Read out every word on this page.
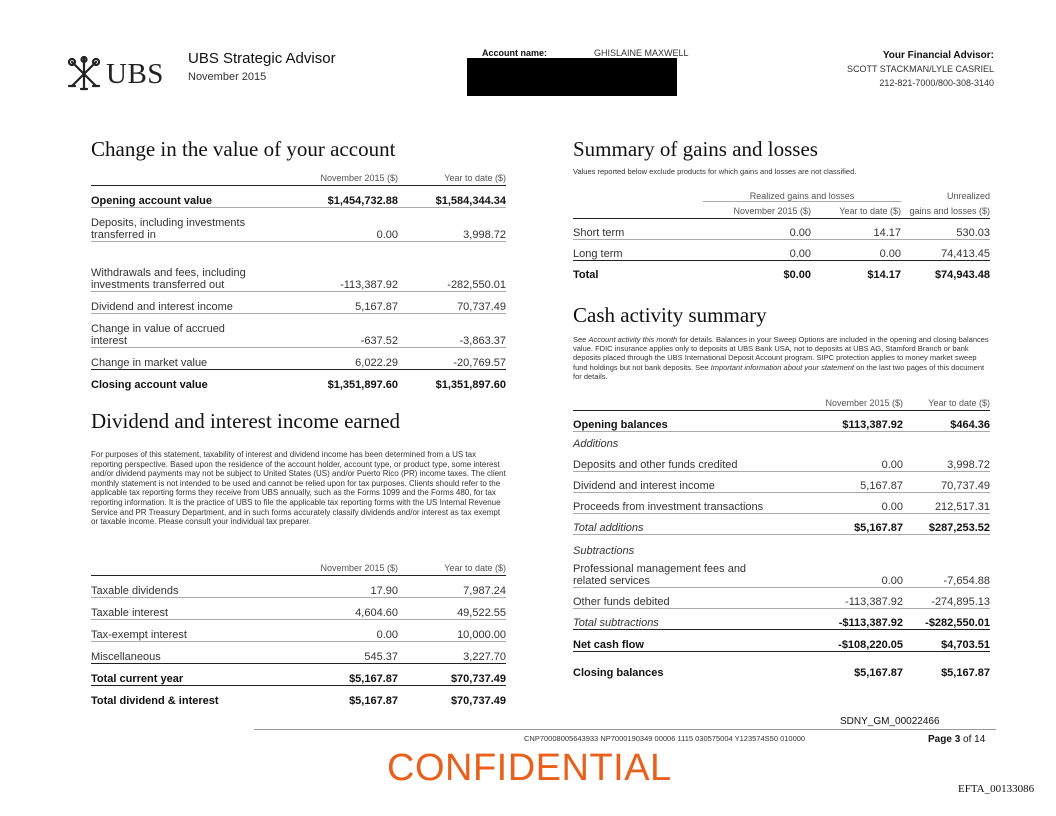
UBS UBS Strategic Advisor
November 2015
Account name:	GHISLAINE MAXWELL	Your Financial Advisor:
SCOTT STACKMAN/LYLE CASRIEL
212-821-7000/800-308-3140
Change in the value of your account
	November 2015 ($)	Year to date ($)
Opening account value	$1,454,732.88	$1,584,344.34
Deposits, including investments transferred in	0.00	3,998.72
Withdrawals and fees, including investments transferred out	-113,387.92	-282,550.01
Dividend and interest income	5,167.87	70,737.49
Change in value of accrued interest	-637.52	-3,863.37
Change in market value	6,022.29	-20,769.57
Closing account value	$1,351,897.60	$1,351,897.60
Dividend and interest income earned
For purposes of this statement, taxability of interest and dividend income has been determined from a US tax reporting perspective. Based upon the residence of the account holder, account type, or product type, some interest and/or dividend payments may not be subject to United States (US) and/or Puerto Rico (PR) income taxes. The client monthly statement is not intended to be used and cannot be relied upon for tax purposes. Clients should refer to the applicable tax reporting forms they receive from UBS annually, such as the Forms 1099 and the Forms 480, for tax reporting information. It is the practice of UBS to file the applicable tax reporting forms with the US Internal Revenue Service and PR Treasury Department, and in such forms accurately classify dividends and/or interest as tax exempt or taxable income. Please consult your individual tax preparer.
	November 2015 ($)	Year to date ($)
Taxable dividends	17.90	7,987.24
Taxable interest	4,604.60	49,522.55
Tax-exempt interest	0.00	10,000.00
Miscellaneous	545.37	3,227.70
Total current year	$5,167.87	$70,737.49
Total dividend & interest	$5,167.87	$70,737.49
Summary of gains and losses
Values reported below exclude products for which gains and losses are not classified.
	Realized gains and losses		Unrealized
	November 2015 ($)	Year to date ($)	gains and losses ($)
Short term	0.00	14.17	530.03
Long term	0.00	0.00	74,413.45
Total	$0.00	$14.17	$74,943.48
Cash activity summary
See Account activity this month for details. Balances in your Sweep Options are included in the opening and closing balances value. FDIC insurance applies only to deposits at UBS Bank USA, not to deposits at UBS AG, Stamford Branch or bank deposits placed through the UBS International Deposit Account program. SIPC protection applies to money market sweep fund holdings but not bank deposits. See Important information about your statement on the last two pages of this document for details.
	November 2015 ($)	Year to date ($)
Opening balances	$113,387.92	$464.36
Additions		
Deposits and other funds credited	0.00	3,998.72
Dividend and interest income	5,167.87	70,737.49
Proceeds from investment transactions	0.00	212,517.31
Total additions	$5,167.87	$287,253.52
Subtractions		
Professional management fees and related services	0.00	-7,654.88
Other funds debited	-113,387.92	-274,895.13
Total subtractions	-$113,387.92	-$282,550.01
Net cash flow	-$108,220.05	$4,703.51
Closing balances	$5,167.87	$5,167.87
SDNY_GM_00022466
CNP70008005643933 NP7000190349 00006 1115 030575004 Y123574S50 010000	Page 3 of 14
CONFIDENTIAL	EFTA_00133086
